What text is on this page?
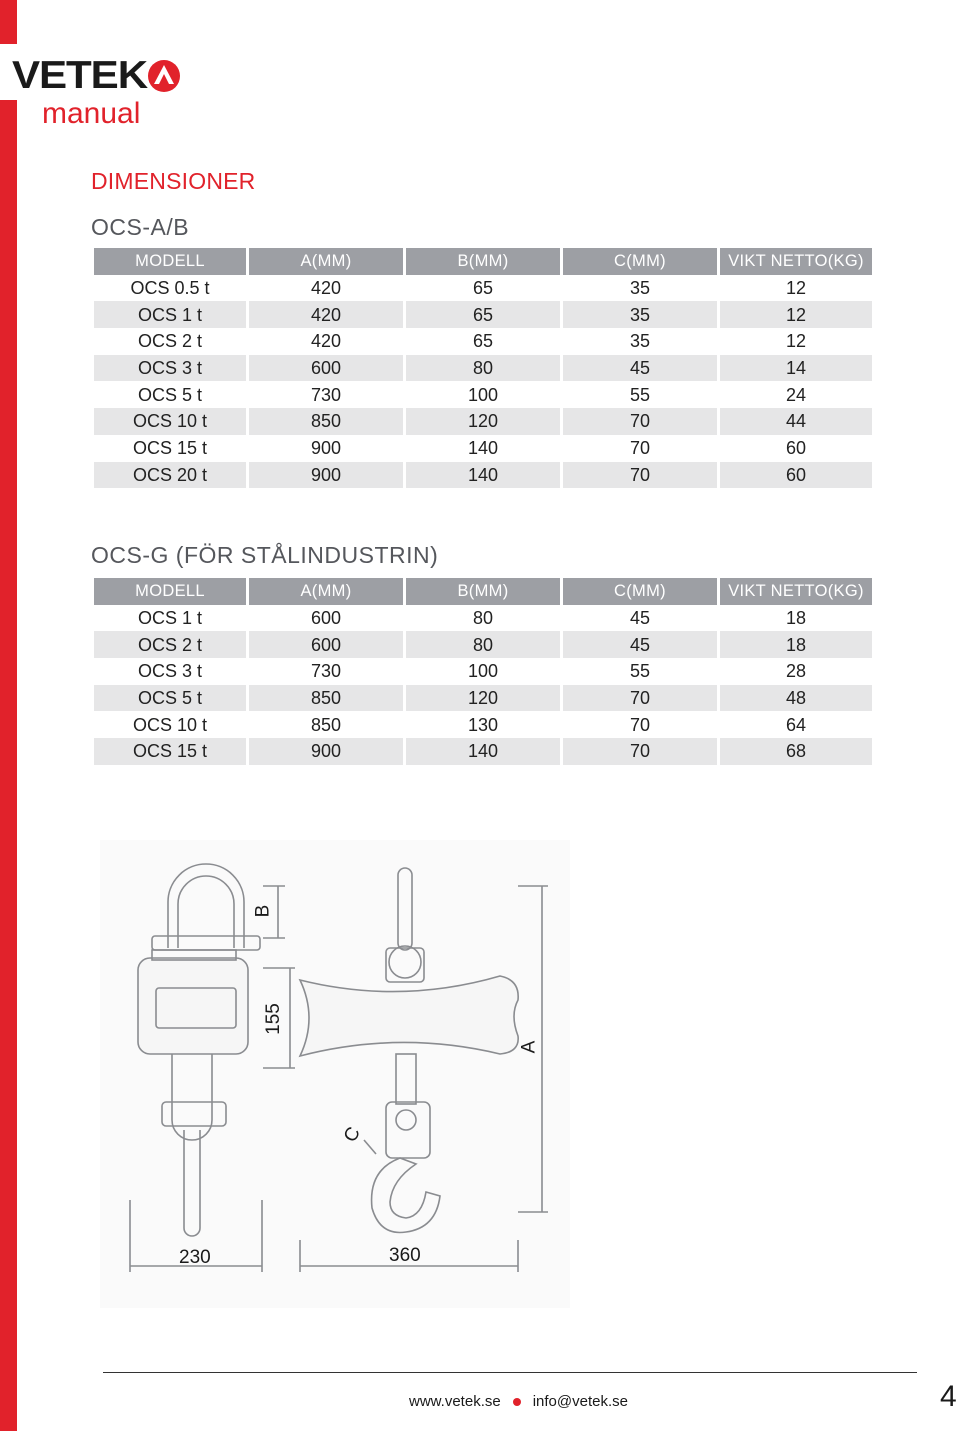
VETEK
manual
DIMENSIONER
OCS-A/B
MODELL	A(MM)	B(MM)	C(MM)	VIKT NETTO(KG)
OCS 0.5 t	420	65	35	12
OCS 1 t	420	65	35	12
OCS 2 t	420	65	35	12
OCS 3 t	600	80	45	14
OCS 5 t	730	100	55	24
OCS 10 t	850	120	70	44
OCS 15 t	900	140	70	60
OCS 20 t	900	140	70	60
OCS-G (FÖR STÅLINDUSTRIN)
MODELL	A(MM)	B(MM)	C(MM)	VIKT NETTO(KG)
OCS 1 t	600	80	45	18
OCS 2 t	600	80	45	18
OCS 3 t	730	100	55	28
OCS 5 t	850	120	70	48
OCS 10 t	850	130	70	64
OCS 15 t	900	140	70	68
B
155
A
C
230	360
www.vetek.se info@vetek.se	4
